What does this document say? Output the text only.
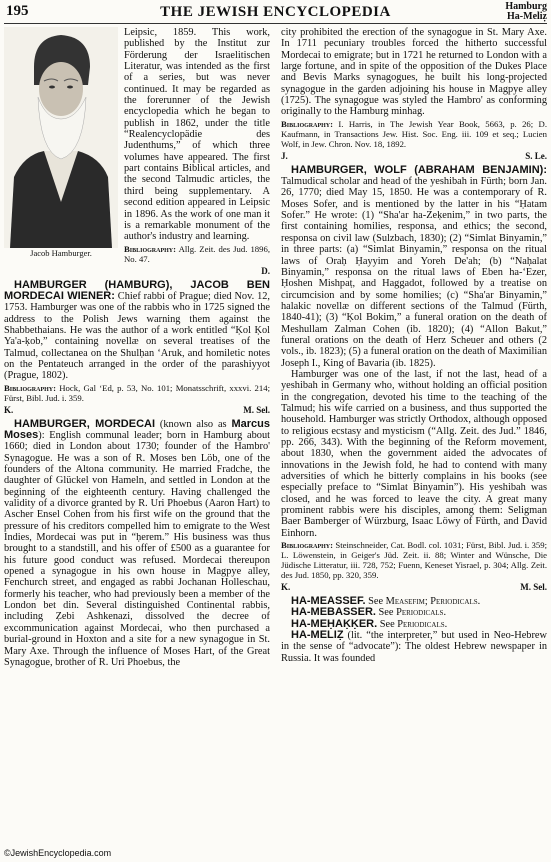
195	THE JEWISH ENCYCLOPEDIA	Hamburg
Ha-Meliẓ
Jacob Hamburger.

Leipsic, 1859. This work, published by the Institut zur Förderung der Israelitischen Literatur, was intended as the first of a series, but was never continued. It may be regarded as the forerunner of the Jewish encyclopedia which he began to publish in 1862, under the title “Realencyclopädie des Judenthums,” of which three volumes have appeared. The first part contains Biblical articles, and the second Talmudic articles, the third being supplementary. A second edition appeared in Leipsic in 1896. As the work of one man it is a remarkable monument of the author's industry and learning.

Bibliography: Allg. Zeit. des Jud. 1896, No. 47.

D.

HAMBURGER (HAMBURG), JACOB BEN MORDECAI WIENER: Chief rabbi of Prague; died Nov. 12, 1753. Hamburger was one of the rabbis who in 1725 signed the address to the Polish Jews warning them against the Shabbethaians. He was the author of a work entitled “Ḳol Ḳol Ya'a-ḳob,” containing novellæ on several treatises of the Talmud, collectanea on the Shulḥan ‘Aruk, and homiletic notes on the Pentateuch arranged in the order of the parashiyyot (Prague, 1802).

Bibliography: Hock, Gal ‘Ed, p. 53, No. 101; Monatsschrift, xxxvi. 214; Fürst, Bibl. Jud. i. 359.

K.	M. Sel.

HAMBURGER, MORDECAI (known also as Marcus Moses): English communal leader; born in Hamburg about 1660; died in London about 1730; founder of the Hambro' Synagogue. He was a son of R. Moses ben Löb, one of the founders of the Altona community. He married Fradche, the daughter of Glückel von Hameln, and settled in London at the beginning of the eighteenth century. Having challenged the validity of a divorce granted by R. Uri Phoebus (Aaron Hart) to Ascher Ensel Cohen from his first wife on the ground that the pressure of his creditors compelled him to emigrate to the West Indies, Mordecai was put in “ḥerem.” His business was thus brought to a standstill, and his offer of £500 as a guarantee for his future good conduct was refused. Mordecai thereupon opened a synagogue in his own house in Magpye alley, Fenchurch street, and engaged as rabbi Jochanan Holleschau, formerly his teacher, who had previously been a member of the London bet din. Several distinguished Continental rabbis, including Ẓebi Ashkenazi, dissolved the decree of excommunication against Mordecai, who then purchased a burial-ground in Hoxton and a site for a new synagogue in St. Mary Axe. Through the influence of Moses Hart, of the Great Synagogue, brother of R. Uri Phoebus, the

city prohibited the erection of the synagogue in St. Mary Axe. In 1711 pecuniary troubles forced the hitherto successful Mordecai to emigrate; but in 1721 he returned to London with a large fortune, and in spite of the opposition of the Dukes Place and Bevis Marks synagogues, he built his long-projected synagogue in the garden adjoining his house in Magpye alley (1725). The synagogue was styled the Hambro' as conforming originally to the Hamburg minhag.

Bibliography: I. Harris, in The Jewish Year Book, 5663, p. 26; D. Kaufmann, in Transactions Jew. Hist. Soc. Eng. iii. 109 et seq.; Lucien Wolf, in Jew. Chron. Nov. 18, 1892.

J.	S. Le.

HAMBURGER, WOLF (ABRAHAM BENJAMIN): Talmudical scholar and head of the yeshibah in Fürth; born Jan. 26, 1770; died May 15, 1850. He was a contemporary of R. Moses Sofer, and is mentioned by the latter in his “Ḥatam Sofer.” He wrote: (1) “Sha'ar ha-Zeḳenim,” in two parts, the first containing homilies, responsa, and ethics; the second, responsa on civil law (Sulzbach, 1830); (2) “Simlat Binyamin,” in three parts: (a) “Simlat Binyamin,” responsa on the ritual laws of Oraḥ Ḥayyim and Yoreh De'ah; (b) “Naḥalat Binyamin,” responsa on the ritual laws of Eben ha-‘Ezer, Ḥoshen Mishpaṭ, and Haggadot, followed by a treatise on circumcision and by some homilies; (c) “Sha'ar Binyamin,” halakic novellæ on different sections of the Talmud (Fürth, 1840-41); (3) “Ḳol Bokim,” a funeral oration on the death of Meshullam Zalman Cohen (ib. 1820); (4) “Allon Bakut,” funeral orations on the death of Herz Scheuer and others (2 vols., ib. 1823); (5) a funeral oration on the death of Maximilian Joseph I., King of Bavaria (ib. 1825).

Hamburger was one of the last, if not the last, head of a yeshibah in Germany who, without holding an official position in the congregation, devoted his time to the teaching of the Talmud; his wife carried on a business, and thus supported the household. Hamburger was strictly Orthodox, although opposed to religious ecstasy and mysticism (“Allg. Zeit. des Jud.” 1846, pp. 266, 343). With the beginning of the Reform movement, about 1830, when the government aided the advocates of innovations in the Jewish fold, he had to contend with many adversities of which he bitterly complains in his books (see especially preface to “Simlat Binyamin”). His yeshibah was closed, and he was forced to leave the city. A great many prominent rabbis were his disciples, among them: Seligman Baer Bamberger of Würzburg, Isaac Löwy of Fürth, and David Einhorn.

Bibliography: Steinschneider, Cat. Bodl. col. 1031; Fürst, Bibl. Jud. i. 359; L. Löwenstein, in Geiger's Jüd. Zeit. ii. 88; Winter and Wünsche, Die Jüdische Litteratur, iii. 728, 752; Fuenn, Keneset Yisrael, p. 304; Allg. Zeit. des Jud. 1850, pp. 320, 359.

K.	M. Sel.

HA-MEASSEF. See Measefim; Periodicals.

HA-MEBASSER. See Periodicals.

HA-MEḤAḲḲER. See Periodicals.

HA-MELIẒ (lit. “the interpreter,” but used in Neo-Hebrew in the sense of “advocate”): The oldest Hebrew newspaper in Russia. It was founded

©JewishEncyclopedia.com
